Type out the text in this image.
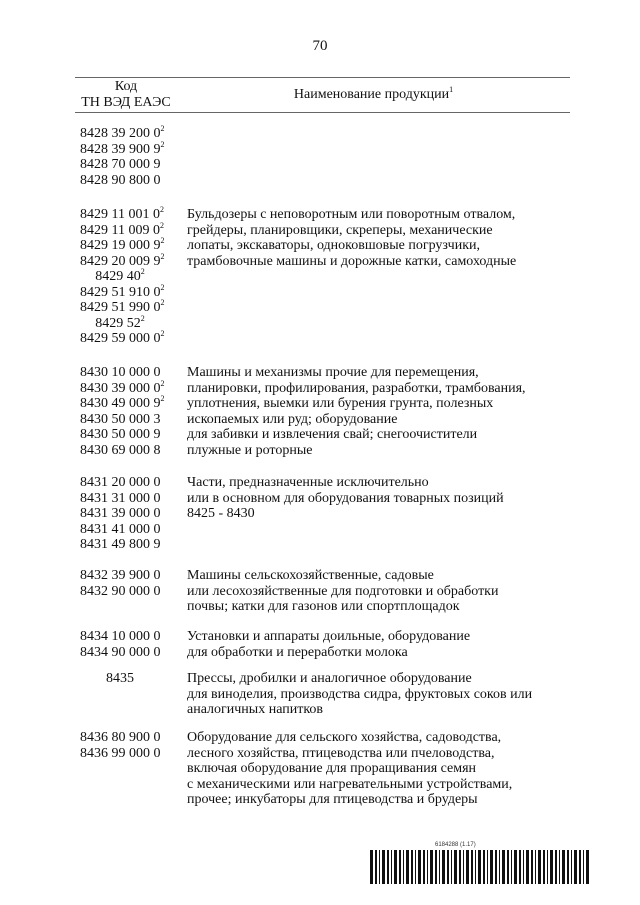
70
Код
ТН ВЭД ЕАЭС
Наименование продукции$^1$
8428 39 200 $0^2$
8428 39 900 $9^2$
8428 70 000 9
8428 90 800 0
8429 11 001 $0^2$
8429 11 009 $0^2$
8429 19 000 $9^2$
8429 20 009 $9^2$
8429 $40^2$
8429 51 910 $0^2$
8429 51 990 $0^2$
8429 $52^2$
8429 59 000 $0^2$
Бульдозеры с неповоротным или поворотным отвалом,
грейдеры, планировщики, скреперы, механические
лопаты, экскаваторы, одноковшовые погрузчики,
трамбовочные машины и дорожные катки, самоходные
8430 10 000 0
8430 39 000 $0^2$
8430 49 000 $9^2$
8430 50 000 3
8430 50 000 9
8430 69 000 8
Машины и механизмы прочие для перемещения,
планировки, профилирования, разработки, трамбования,
уплотнения, выемки или бурения грунта, полезных
ископаемых или руд; оборудование
для забивки и извлечения свай; снегоочистители
плужные и роторные
8431 20 000 0
8431 31 000 0
8431 39 000 0
8431 41 000 0
8431 49 800 9
Части, предназначенные исключительно
или в основном для оборудования товарных позиций
8425 - 8430
8432 39 900 0
8432 90 000 0
Машины сельскохозяйственные, садовые
или лесохозяйственные для подготовки и обработки
почвы; катки для газонов или спортплощадок
8434 10 000 0
8434 90 000 0
Установки и аппараты доильные, оборудование
для обработки и переработки молока
8435	Прессы, дробилки и аналогичное оборудование
для виноделия, производства сидра, фруктовых соков или
аналогичных напитков
8436 80 900 0
8436 99 000 0
Оборудование для сельского хозяйства, садоводства,
лесного хозяйства, птицеводства или пчеловодства,
включая оборудование для проращивания семян
с механическими или нагревательными устройствами,
прочее; инкубаторы для птицеводства и брудеры
6184288 (1.17)
